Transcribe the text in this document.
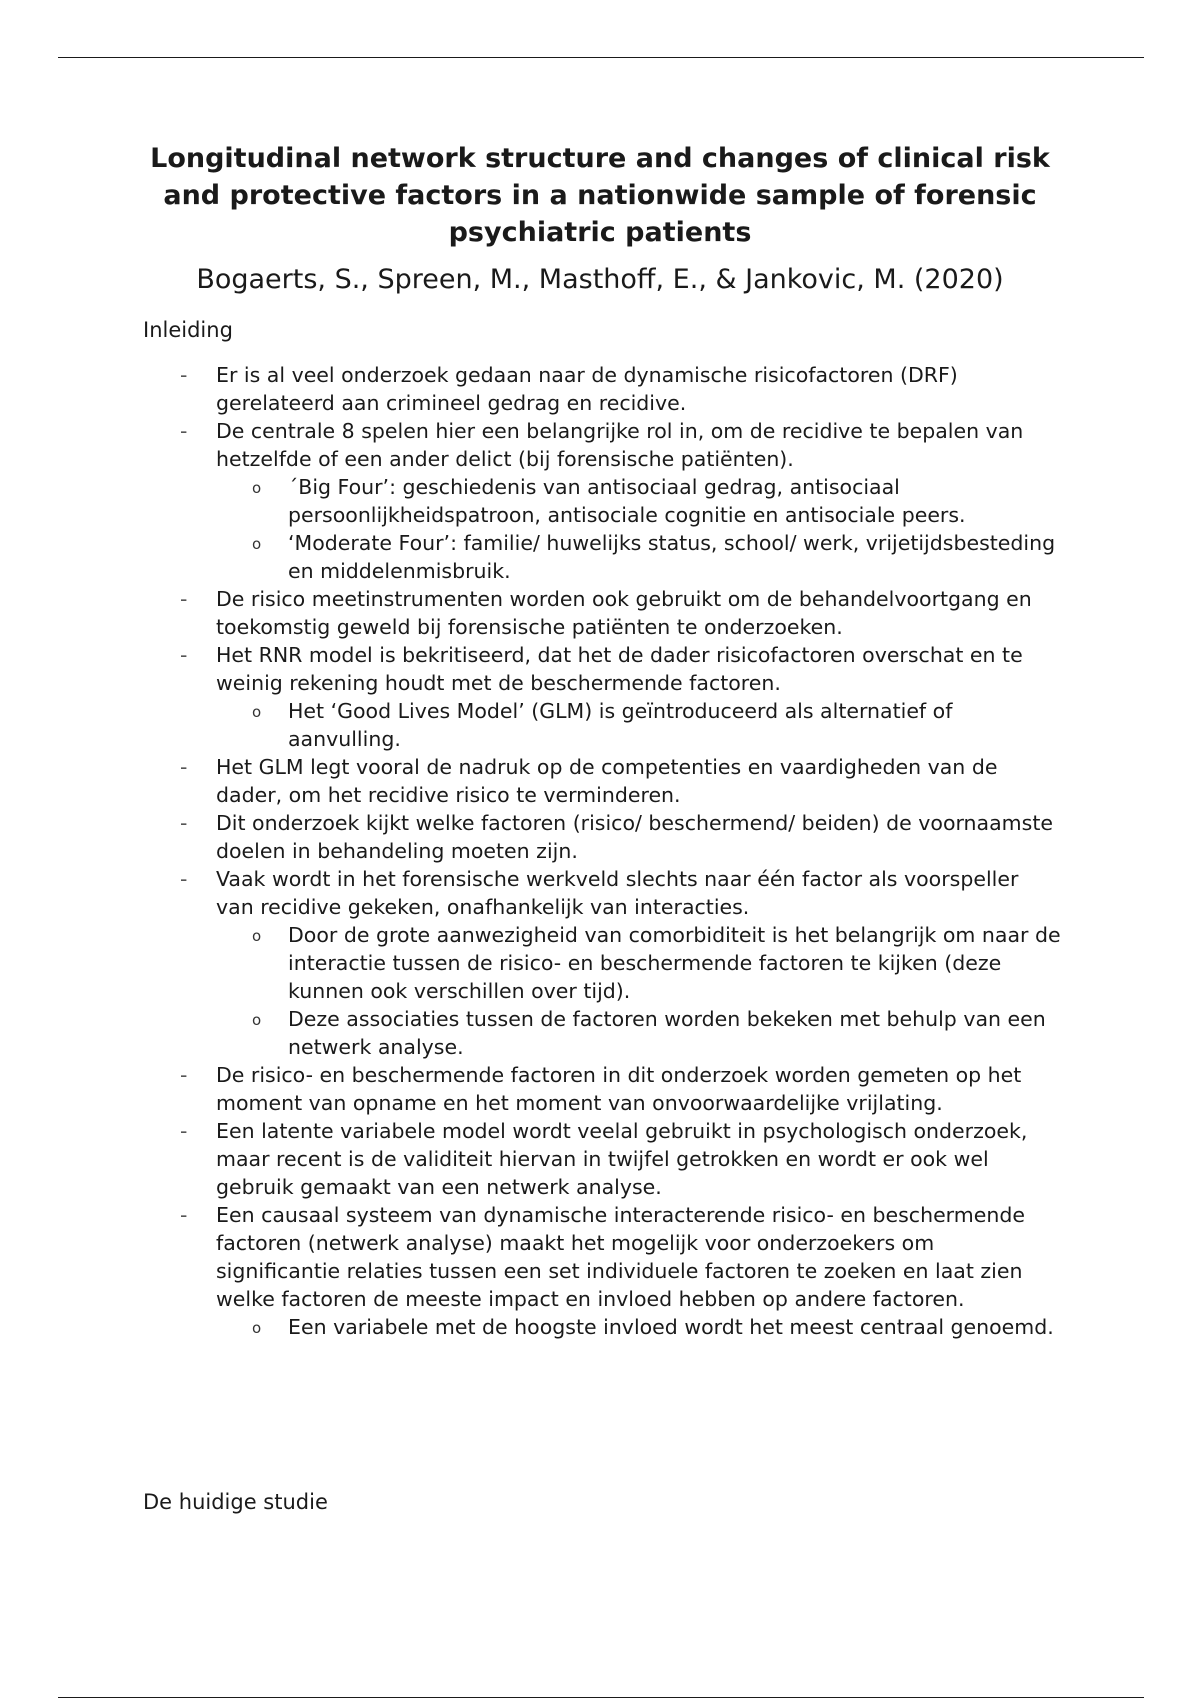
Longitudinal network structure and changes of clinical risk and protective factors in a nationwide sample of forensic psychiatric patients

Bogaerts, S., Spreen, M., Masthoff, E., & Jankovic, M. (2020)

Inleiding

- Er is al veel onderzoek gedaan naar de dynamische risicofactoren (DRF) gerelateerd aan crimineel gedrag en recidive.
- De centrale 8 spelen hier een belangrijke rol in, om de recidive te bepalen van hetzelfde of een ander delict (bij forensische patiënten).
o ´Big Four’: geschiedenis van antisociaal gedrag, antisociaal persoonlijkheidspatroon, antisociale cognitie en antisociale peers.
o ‘Moderate Four’: familie/ huwelijks status, school/ werk, vrijetijdsbesteding en middelenmisbruik.
- De risico meetinstrumenten worden ook gebruikt om de behandelvoortgang en toekomstig geweld bij forensische patiënten te onderzoeken.
- Het RNR model is bekritiseerd, dat het de dader risicofactoren overschat en te weinig rekening houdt met de beschermende factoren.
o Het ‘Good Lives Model’ (GLM) is geïntroduceerd als alternatief of aanvulling.
- Het GLM legt vooral de nadruk op de competenties en vaardigheden van de dader, om het recidive risico te verminderen.
- Dit onderzoek kijkt welke factoren (risico/ beschermend/ beiden) de voornaamste doelen in behandeling moeten zijn.
- Vaak wordt in het forensische werkveld slechts naar één factor als voorspeller van recidive gekeken, onafhankelijk van interacties.
o Door de grote aanwezigheid van comorbiditeit is het belangrijk om naar de interactie tussen de risico- en beschermende factoren te kijken (deze kunnen ook verschillen over tijd).
o Deze associaties tussen de factoren worden bekeken met behulp van een netwerk analyse.
- De risico- en beschermende factoren in dit onderzoek worden gemeten op het moment van opname en het moment van onvoorwaardelijke vrijlating.
- Een latente variabele model wordt veelal gebruikt in psychologisch onderzoek, maar recent is de validiteit hiervan in twijfel getrokken en wordt er ook wel gebruik gemaakt van een netwerk analyse.
- Een causaal systeem van dynamische interacterende risico- en beschermende factoren (netwerk analyse) maakt het mogelijk voor onderzoekers om significantie relaties tussen een set individuele factoren te zoeken en laat zien welke factoren de meeste impact en invloed hebben op andere factoren.
o Een variabele met de hoogste invloed wordt het meest centraal genoemd.

De huidige studie
